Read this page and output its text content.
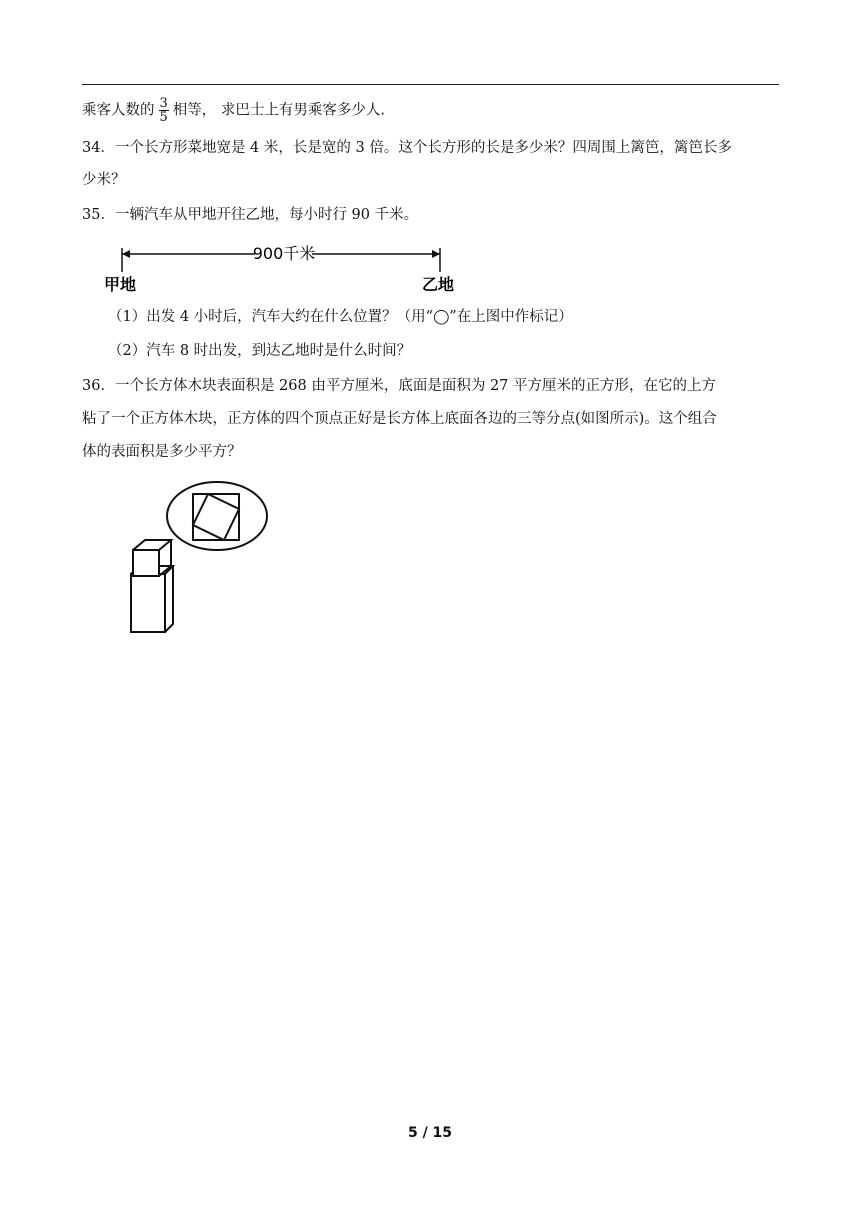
乘客人数的 $\frac{3}{5}$ 相等， 求巴士上有男乘客多少人.
34．一个长方形菜地宽是 4 米，长是宽的 3 倍。这个长方形的长是多少米？四周围上篱笆，篱笆长多
少米？
35．一辆汽车从甲地开往乙地，每小时行 90 千米。
900千米
甲地	乙地
（1）出发 4 小时后，汽车大约在什么位置？（用“◯”在上图中作标记）
（2）汽车 8 时出发，到达乙地时是什么时间？
36．一个长方体木块表面积是 268 由平方厘米，底面是面积为 27 平方厘米的正方形，在它的上方
粘了一个正方体木块，正方体的四个顶点正好是长方体上底面各边的三等分点(如图所示)。这个组合
体的表面积是多少平方？
5 / 15
